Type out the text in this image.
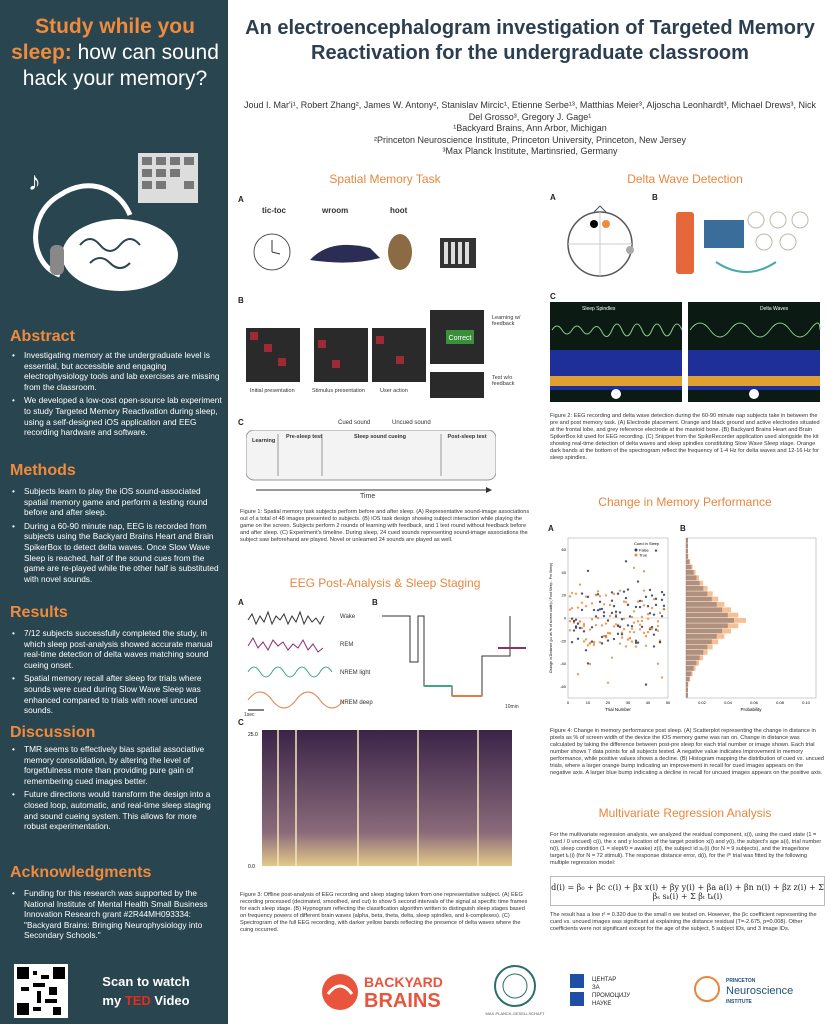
Study while you sleep: how can sound hack your memory?
♪
Abstract
• Investigating memory at the undergraduate level is essential, but accessible and engaging electrophysiology tools and lab exercises are missing from the classroom.
• We developed a low-cost open-source lab experiment to study Targeted Memory Reactivation during sleep, using a self-designed iOS application and EEG recording hardware and software.
Methods
• Subjects learn to play the iOS sound-associated spatial memory game and perform a testing round before and after sleep.
• During a 60-90 minute nap, EEG is recorded from subjects using the Backyard Brains Heart and Brain SpikerBox to detect delta waves. Once Slow Wave Sleep is reached, half of the sound cues from the game are re-played while the other half is substituted with novel sounds.
Results
• 7/12 subjects successfully completed the study, in which sleep post-analysis showed accurate manual real-time detection of delta waves matching sound cueing onset.
• Spatial memory recall after sleep for trials where sounds were cued during Slow Wave Sleep was enhanced compared to trials with novel uncued sounds.
Discussion
• TMR seems to effectively bias spatial associative memory consolidation, by altering the level of forgetfulness more than providing pure gain of remembering cued images better.
• Future directions would transform the design into a closed loop, automatic, and real-time sleep staging and sound cueing system. This allows for more robust experimentation.
Acknowledgments
• Funding for this research was supported by the National Institute of Mental Health Small Business Innovation Research grant #2R44MH093334: "Backyard Brains: Bringing Neurophysiology into Secondary Schools."
Scan to watch
my TED Video
An electroencephalogram investigation of Targeted Memory Reactivation for the undergraduate classroom
Joud I. Mar'i¹, Robert Zhang², James W. Antony², Stanislav Mircic¹, Etienne Serbe¹³, Matthias Meier³, Aljoscha Leonhardt³, Michael Drews³, Nick Del Grosso³, Gregory J. Gage¹
¹Backyard Brains, Ann Arbor, Michigan
²Princeton Neuroscience Institute, Princeton University, Princeton, New Jersey
³Max Planck Institute, Martinsried, Germany
Spatial Memory Task
A
tic-toc	wroom	hoot
B
Correct
Learning w/ feedback
Test w/o feedback
Initial presentation	Stimulus presentation	User action
C	Cued sound	Uncued sound
Learning
Pre-sleep test	Sleep sound cueing	Post-sleep test
Time
Figure 1: Spatial memory task subjects perform before and after sleep. (A) Representative sound-image associations out of a total of 48 images presented to subjects. (B) iOS task design showing subject interaction while playing the game on the screen. Subjects perform 2 rounds of learning with feedback, and 1 test round without feedback before and after sleep. (C) Experiment's timeline. During sleep, 24 cued sounds representing sound-image associations the subject saw beforehand are played. Novel or unlearned 24 sounds are played as well.
Delta Wave Detection
A	B
C
Sleep Spindles	Delta Waves
Figure 2: EEG recording and delta wave detection during the 60-90 minute nap subjects take in between the pre and post memory task. (A) Electrode placement. Orange and black ground and active electrodes situated at the frontal lobe, and grey reference electrode at the mastoid bone. (B) Backyard Brains Heart and Brain SpikerBox kit used for EEG recording. (C) Snippet from the SpikeRecorder application used alongside the kit showing real-time detection of delta waves and sleep spindles constituting Slow Wave Sleep stage. Orange dark bands at the bottom of the spectrogram reflect the frequency of 1-4 Hz for delta waves and 12-16 Hz for sleep spindles.
EEG Post-Analysis & Sleep Staging
A	B
Wake
REM
NREM light
NREM deep
1sec
10min
C
25.0
0.0
Figure 3: Offline post-analysis of EEG recording and sleep staging taken from one representative subject. (A) EEG recording processed (decimated, smoothed, and cut) to show 5 second intervals of the signal at specific time frames for each sleep stage. (B) Hypnogram reflecting the classification algorithm written to distinguish sleep stages based on frequency powers of different brain waves (alpha, beta, theta, delta, sleep spindles, and k-complexes). (C) Spectrogram of the full EEG recording, with darker yellow bands reflecting the presence of delta waves where the cuing occurred.
Change in Memory Performance
A	B
-60
-40
-20
0
20
40
60
0	10	20	30	40	50
Trial Number
Change in Distance (px as % of screen width) ( Post Sleep - Pre Sleep)
Cued in Sleep
False
True
0.02	0.04	0.06	0.08	0.10
Probability
Figure 4: Change in memory performance post sleep. (A) Scatterplot representing the change in distance in pixels as % of screen width of the device the iOS memory game was ran on. Change in distance was calculated by taking the difference between post-pre sleep for each trial number or image shown. Each trial number shows 7 data points for all subjects tested. A negative value indicates improvement in memory performance, while positive values shows a decline. (B) Histogram mapping the distribution of cued vs. uncued trials, where a larger orange bump indicating an improvement in recall for cued images appears on the negative axis. A larger blue bump indicating a decline in recall for uncued images appears on the positive axis.
Multivariate Regression Analysis
For the multivariate regression analysis, we analyzed the residual component, ε(i), using the cued state (1 = cued / 0 uncued) c(i), the x and y location of the target position x(i) and y(i), the subject's age a(i), trial number n(i), sleep condition (1 = slept/0 = awake) z(i), the subject id sₖ(i) (for N = 9 subjects), and the image/tone target tₖ(i) (for N = 72 stimuli). The response distance error, d(i), for the iᵗʰ trial was fitted by the following multiple regression model:
d(i) = β₀ + βc c(i) + βx x(i) + βy y(i) + βa a(i) + βn n(i) + βz z(i) + Σ βₛ sₖ(i) + Σ βₜ tₖ(i)
The result has a low r² = 0.320 due to the small n we tested on. However, the βc coefficient representing the cued vs. uncued images was significant at explaining the distance residual (T=-2.675, p=0.008). Other coefficients were not significant except for the age of the subject, 5 subject IDs, and 3 image IDs.
BACKYARD
BRAINS
MAX-PLANCK-GESELLSCHAFT
ЦЕНТАР
ЗА
ПРОМОЦИЈУ
НАУКЕ
PRINCETON
Neuroscience
INSTITUTE
